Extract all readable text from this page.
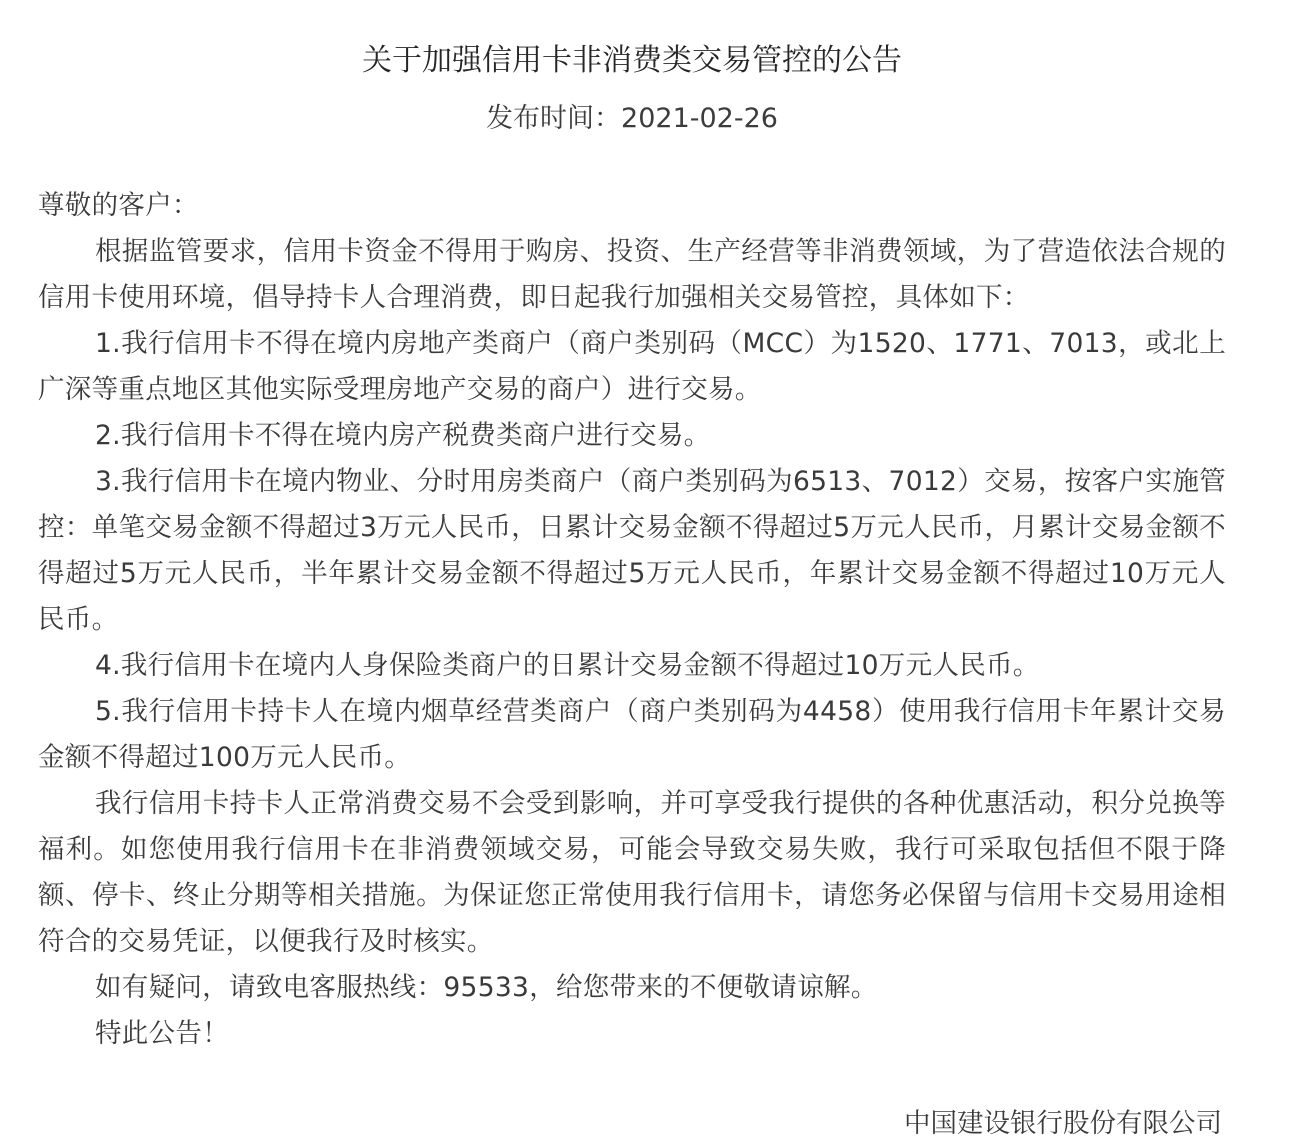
关于加强信用卡非消费类交易管控的公告
发布时间：2021-02-26

尊敬的客户：

根据监管要求，信用卡资金不得用于购房、投资、生产经营等非消费领域，为了营造依法合规的信用卡使用环境，倡导持卡人合理消费，即日起我行加强相关交易管控，具体如下：

1.我行信用卡不得在境内房地产类商户（商户类别码（MCC）为1520、1771、7013，或北上广深等重点地区其他实际受理房地产交易的商户）进行交易。

2.我行信用卡不得在境内房产税费类商户进行交易。

3.我行信用卡在境内物业、分时用房类商户（商户类别码为6513、7012）交易，按客户实施管控：单笔交易金额不得超过3万元人民币，日累计交易金额不得超过5万元人民币，月累计交易金额不得超过5万元人民币，半年累计交易金额不得超过5万元人民币，年累计交易金额不得超过10万元人民币。

4.我行信用卡在境内人身保险类商户的日累计交易金额不得超过10万元人民币。

5.我行信用卡持卡人在境内烟草经营类商户（商户类别码为4458）使用我行信用卡年累计交易金额不得超过100万元人民币。

我行信用卡持卡人正常消费交易不会受到影响，并可享受我行提供的各种优惠活动，积分兑换等福利。如您使用我行信用卡在非消费领域交易，可能会导致交易失败，我行可采取包括但不限于降额、停卡、终止分期等相关措施。为保证您正常使用我行信用卡，请您务必保留与信用卡交易用途相符合的交易凭证，以便我行及时核实。

如有疑问，请致电客服热线：95533，给您带来的不便敬请谅解。

特此公告！

中国建设银行股份有限公司
